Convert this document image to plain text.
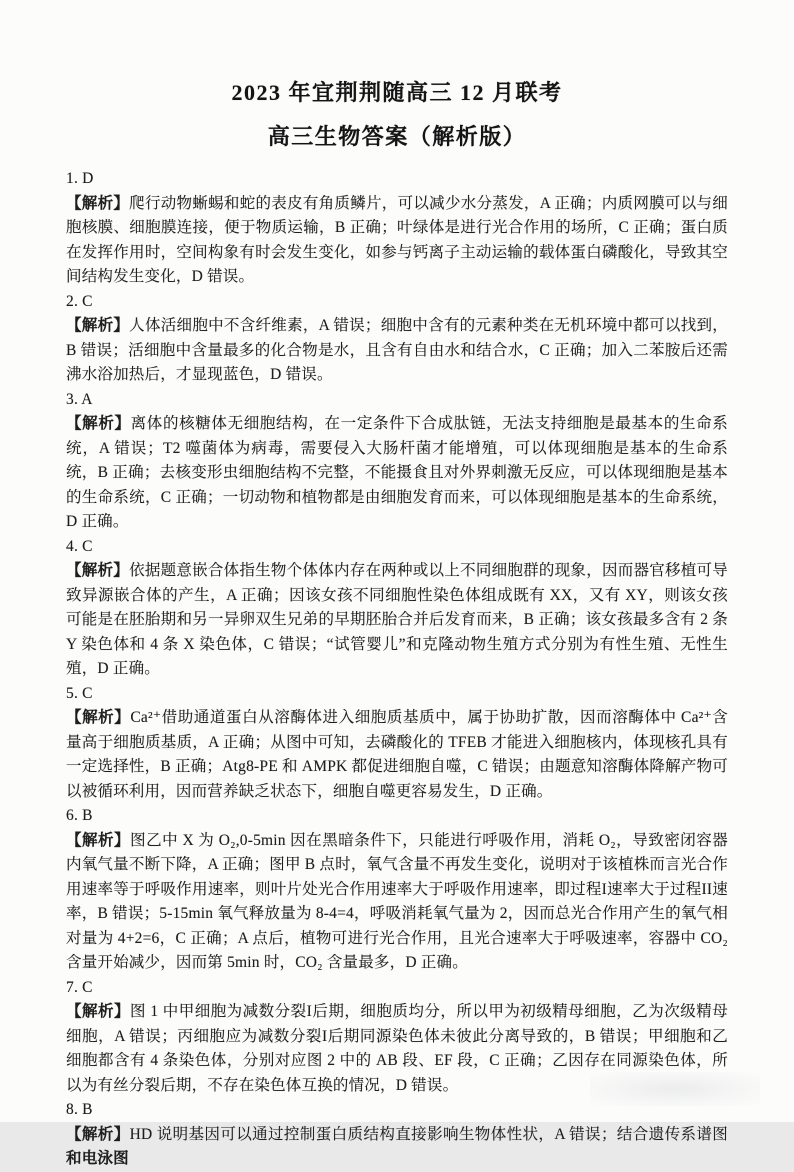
2023 年宜荆荆随高三 12 月联考

高三生物答案（解析版）

1. D

【解析】爬行动物蜥蜴和蛇的表皮有角质鳞片，可以减少水分蒸发，A 正确；内质网膜可以与细胞核膜、细胞膜连接，便于物质运输，B 正确；叶绿体是进行光合作用的场所，C 正确；蛋白质在发挥作用时，空间构象有时会发生变化，如参与钙离子主动运输的载体蛋白磷酸化，导致其空间结构发生变化，D 错误。

2. C

【解析】人体活细胞中不含纤维素，A 错误；细胞中含有的元素种类在无机环境中都可以找到，B 错误；活细胞中含量最多的化合物是水，且含有自由水和结合水，C 正确；加入二苯胺后还需沸水浴加热后，才显现蓝色，D 错误。

3. A

【解析】离体的核糖体无细胞结构，在一定条件下合成肽链，无法支持细胞是最基本的生命系统，A 错误；T2 噬菌体为病毒，需要侵入大肠杆菌才能增殖，可以体现细胞是基本的生命系统，B 正确；去核变形虫细胞结构不完整，不能摄食且对外界刺激无反应，可以体现细胞是基本的生命系统，C 正确；一切动物和植物都是由细胞发育而来，可以体现细胞是基本的生命系统，D 正确。

4. C

【解析】依据题意嵌合体指生物个体体内存在两种或以上不同细胞群的现象，因而器官移植可导致异源嵌合体的产生，A 正确；因该女孩不同细胞性染色体组成既有 XX，又有 XY，则该女孩可能是在胚胎期和另一异卵双生兄弟的早期胚胎合并后发育而来，B 正确；该女孩最多含有 2 条 Y 染色体和 4 条 X 染色体，C 错误；“试管婴儿”和克隆动物生殖方式分别为有性生殖、无性生殖，D 正确。

5. C

【解析】Ca²⁺借助通道蛋白从溶酶体进入细胞质基质中，属于协助扩散，因而溶酶体中 Ca²⁺含量高于细胞质基质，A 正确；从图中可知，去磷酸化的 TFEB 才能进入细胞核内，体现核孔具有一定选择性，B 正确；Atg8-PE 和 AMPK 都促进细胞自噬，C 错误；由题意知溶酶体降解产物可以被循环利用，因而营养缺乏状态下，细胞自噬更容易发生，D 正确。

6. B

【解析】图乙中 X 为 O₂,0-5min 因在黑暗条件下，只能进行呼吸作用，消耗 O₂，导致密闭容器内氧气量不断下降，A 正确；图甲 B 点时，氧气含量不再发生变化，说明对于该植株而言光合作用速率等于呼吸作用速率，则叶片处光合作用速率大于呼吸作用速率，即过程I速率大于过程II速率，B 错误；5-15min 氧气释放量为 8-4=4，呼吸消耗氧气量为 2，因而总光合作用产生的氧气相对量为 4+2=6，C 正确；A 点后，植物可进行光合作用，且光合速率大于呼吸速率，容器中 CO₂ 含量开始减少，因而第 5min 时，CO₂ 含量最多，D 正确。

7. C

【解析】图 1 中甲细胞为减数分裂I后期，细胞质均分，所以甲为初级精母细胞，乙为次级精母细胞，A 错误；丙细胞应为减数分裂I后期同源染色体未彼此分离导致的，B 错误；甲细胞和乙细胞都含有 4 条染色体，分别对应图 2 中的 AB 段、EF 段，C 正确；乙因存在同源染色体，所以为有丝分裂后期，不存在染色体互换的情况，D 错误。

8. B

【解析】HD 说明基因可以通过控制蛋白质结构直接影响生物体性状，A 错误；结合遗传系谱图和电泳图
